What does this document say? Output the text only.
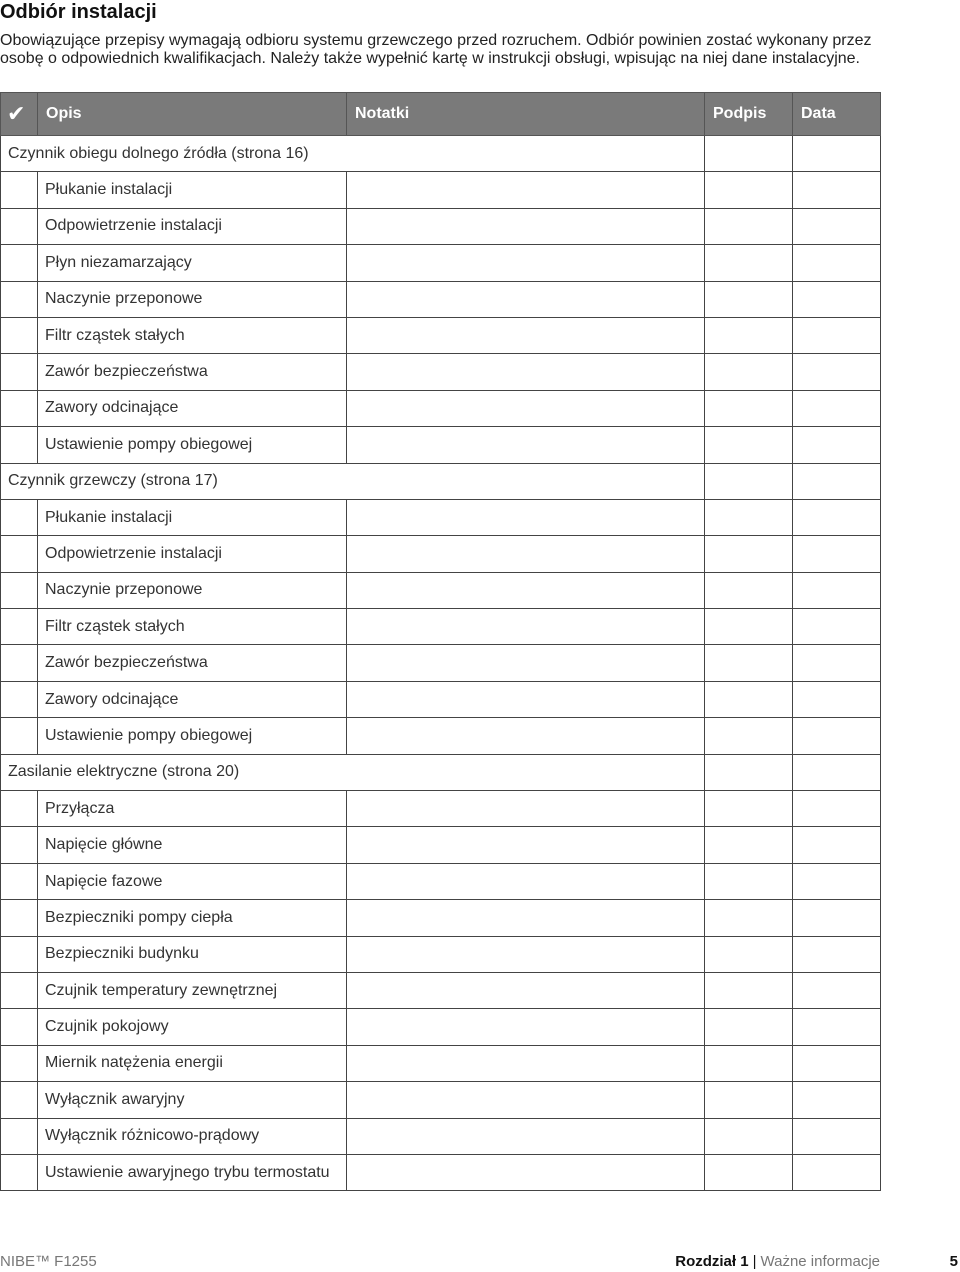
Odbiór instalacji
Obowiązujące przepisy wymagają odbioru systemu grzewczego przed rozruchem. Odbiór powinien zostać wykonany przez osobę o odpowiednich kwalifikacjach. Należy także wypełnić kartę w instrukcji obsługi, wpisując na niej dane instalacyjne.
✔	Opis	Notatki	Podpis	Data
Czynnik obiegu dolnego źródła (strona 16)				
	Płukanie instalacji			
	Odpowietrzenie instalacji			
	Płyn niezamarzający			
	Naczynie przeponowe			
	Filtr cząstek stałych			
	Zawór bezpieczeństwa			
	Zawory odcinające			
	Ustawienie pompy obiegowej			
Czynnik grzewczy (strona 17)				
	Płukanie instalacji			
	Odpowietrzenie instalacji			
	Naczynie przeponowe			
	Filtr cząstek stałych			
	Zawór bezpieczeństwa			
	Zawory odcinające			
	Ustawienie pompy obiegowej			
Zasilanie elektryczne (strona 20)				
	Przyłącza			
	Napięcie główne			
	Napięcie fazowe			
	Bezpieczniki pompy ciepła			
	Bezpieczniki budynku			
	Czujnik temperatury zewnętrznej			
	Czujnik pokojowy			
	Miernik natężenia energii			
	Wyłącznik awaryjny			
	Wyłącznik różnicowo-prądowy			
	Ustawienie awaryjnego trybu termostatu			
NIBE™ F1255	Rozdział 1 | Ważne informacje	5
